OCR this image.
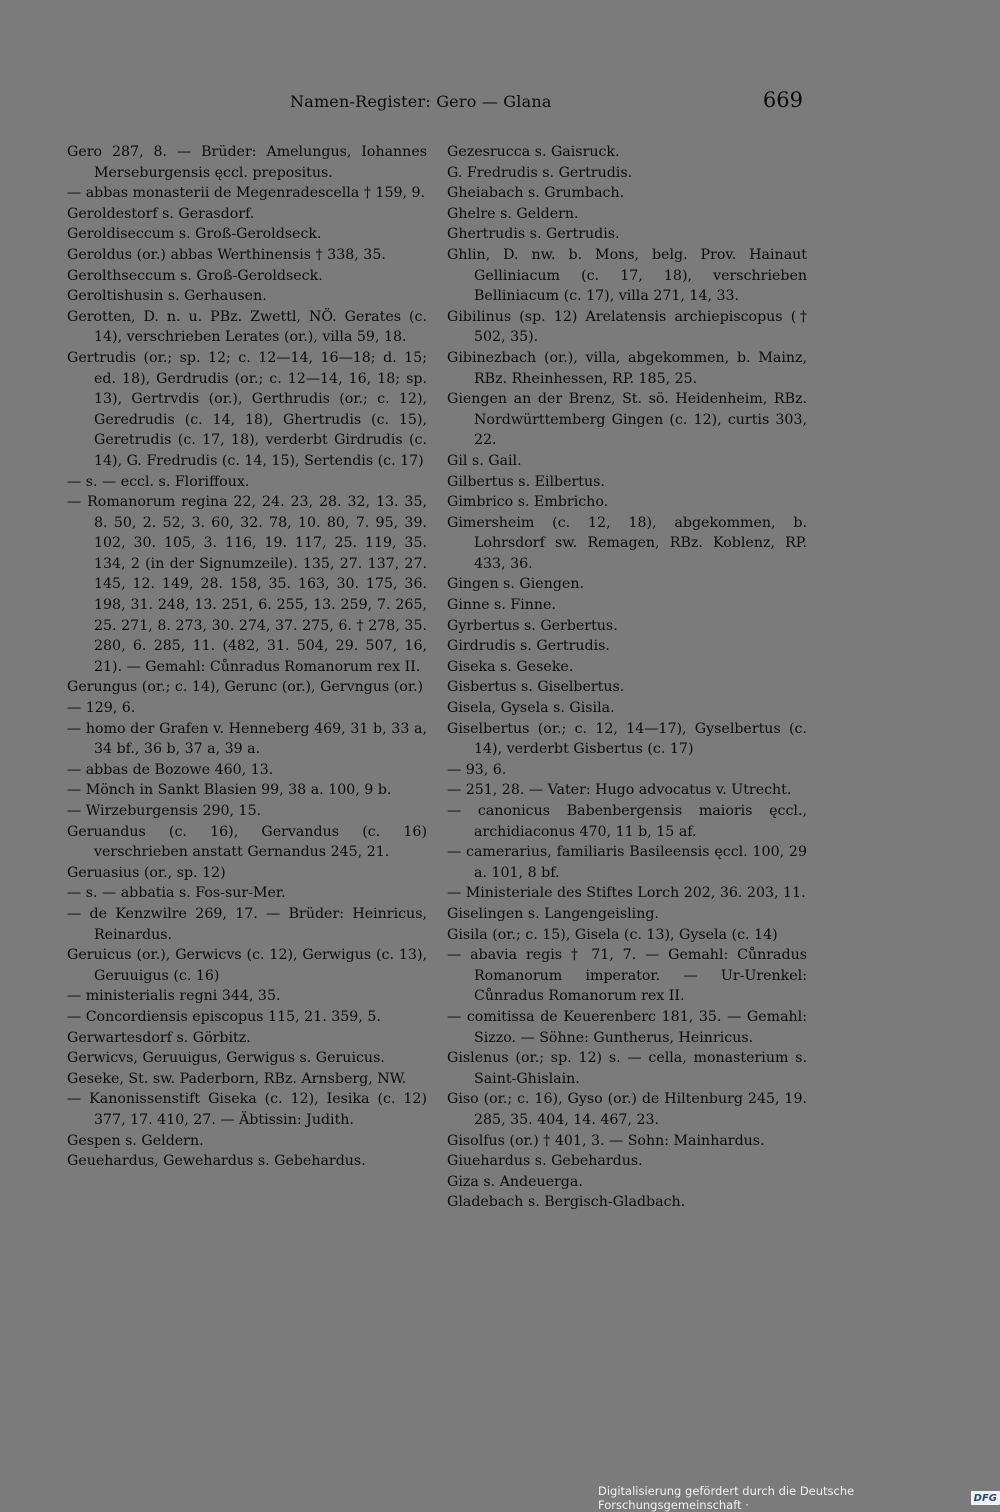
Namen-Register: Gero — Glana	669

Gero 287, 8. — Brüder: Amelungus, Iohannes Merseburgensis ęccl. prepositus.

— abbas monasterii de Megenradescella † 159, 9.

Geroldestorf s. Gerasdorf.

Geroldiseccum s. Groß-Geroldseck.

Geroldus (or.) abbas Werthinensis † 338, 35.

Gerolthseccum s. Groß-Geroldseck.

Geroltishusin s. Gerhausen.

Gerotten, D. n. u. PBz. Zwettl, NÖ. Gerates (c. 14), verschrieben Lerates (or.), villa 59, 18.

Gertrudis (or.; sp. 12; c. 12—14, 16—18; d. 15; ed. 18), Gerdrudis (or.; c. 12—14, 16, 18; sp. 13), Gertrvdis (or.), Gerthrudis (or.; c. 12), Geredrudis (c. 14, 18), Ghertrudis (c. 15), Geretrudis (c. 17, 18), verderbt Girdrudis (c. 14), G. Fredrudis (c. 14, 15), Sertendis (c. 17)

— s. — eccl. s. Floriffoux.

— Romanorum regina 22, 24. 23, 28. 32, 13. 35, 8. 50, 2. 52, 3. 60, 32. 78, 10. 80, 7. 95, 39. 102, 30. 105, 3. 116, 19. 117, 25. 119, 35. 134, 2 (in der Signumzeile). 135, 27. 137, 27. 145, 12. 149, 28. 158, 35. 163, 30. 175, 36. 198, 31. 248, 13. 251, 6. 255, 13. 259, 7. 265, 25. 271, 8. 273, 30. 274, 37. 275, 6. † 278, 35. 280, 6. 285, 11. (482, 31. 504, 29. 507, 16, 21). — Gemahl: Cůnradus Romanorum rex II.

Gerungus (or.; c. 14), Gerunc (or.), Gervngus (or.)

— 129, 6.

— homo der Grafen v. Henneberg 469, 31 b, 33 a, 34 bf., 36 b, 37 a, 39 a.

— abbas de Bozowe 460, 13.

— Mönch in Sankt Blasien 99, 38 a. 100, 9 b.

— Wirzeburgensis 290, 15.

Geruandus (c. 16), Gervandus (c. 16) verschrieben anstatt Gernandus 245, 21.

Geruasius (or., sp. 12)

— s. — abbatia s. Fos-sur-Mer.

— de Kenzwilre 269, 17. — Brüder: Heinricus, Reinardus.

Geruicus (or.), Gerwicvs (c. 12), Gerwigus (c. 13), Geruuigus (c. 16)

— ministerialis regni 344, 35.

— Concordiensis episcopus 115, 21. 359, 5.

Gerwartesdorf s. Görbitz.

Gerwicvs, Geruuigus, Gerwigus s. Geruicus.

Geseke, St. sw. Paderborn, RBz. Arnsberg, NW.

— Kanonissenstift Giseka (c. 12), Iesika (c. 12) 377, 17. 410, 27. — Äbtissin: Judith.

Gespen s. Geldern.

Geuehardus, Gewehardus s. Gebehardus.

Gezesrucca s. Gaisruck.

G. Fredrudis s. Gertrudis.

Gheiabach s. Grumbach.

Ghelre s. Geldern.

Ghertrudis s. Gertrudis.

Ghlin, D. nw. b. Mons, belg. Prov. Hainaut Gelliniacum (c. 17, 18), verschrieben Belliniacum (c. 17), villa 271, 14, 33.

Gibilinus (sp. 12) Arelatensis archiepiscopus († 502, 35).

Gibinezbach (or.), villa, abgekommen, b. Mainz, RBz. Rheinhessen, RP. 185, 25.

Giengen an der Brenz, St. sö. Heidenheim, RBz. Nordwürttemberg Gingen (c. 12), curtis 303, 22.

Gil s. Gail.

Gilbertus s. Eilbertus.

Gimbrico s. Embricho.

Gimersheim (c. 12, 18), abgekommen, b. Lohrsdorf sw. Remagen, RBz. Koblenz, RP. 433, 36.

Gingen s. Giengen.

Ginne s. Finne.

Gyrbertus s. Gerbertus.

Girdrudis s. Gertrudis.

Giseka s. Geseke.

Gisbertus s. Giselbertus.

Gisela, Gysela s. Gisila.

Giselbertus (or.; c. 12, 14—17), Gyselbertus (c. 14), verderbt Gisbertus (c. 17)

— 93, 6.

— 251, 28. — Vater: Hugo advocatus v. Utrecht.

— canonicus Babenbergensis maioris ęccl., archidiaconus 470, 11 b, 15 af.

— camerarius, familiaris Basileensis ęccl. 100, 29 a. 101, 8 bf.

— Ministeriale des Stiftes Lorch 202, 36. 203, 11.

Giselingen s. Langengeisling.

Gisila (or.; c. 15), Gisela (c. 13), Gysela (c. 14)

— abavia regis † 71, 7. — Gemahl: Cůnradus Romanorum imperator. — Ur-Urenkel: Cůnradus Romanorum rex II.

— comitissa de Keuerenberc 181, 35. — Gemahl: Sizzo. — Söhne: Guntherus, Heinricus.

Gislenus (or.; sp. 12) s. — cella, monasterium s. Saint-Ghislain.

Giso (or.; c. 16), Gyso (or.) de Hiltenburg 245, 19. 285, 35. 404, 14. 467, 23.

Gisolfus (or.) † 401, 3. — Sohn: Mainhardus.

Giuehardus s. Gebehardus.

Giza s. Andeuerga.

Gladebach s. Bergisch-Gladbach.

Digitalisierung gefördert durch die Deutsche Forschungsgemeinschaft ·	DFG
